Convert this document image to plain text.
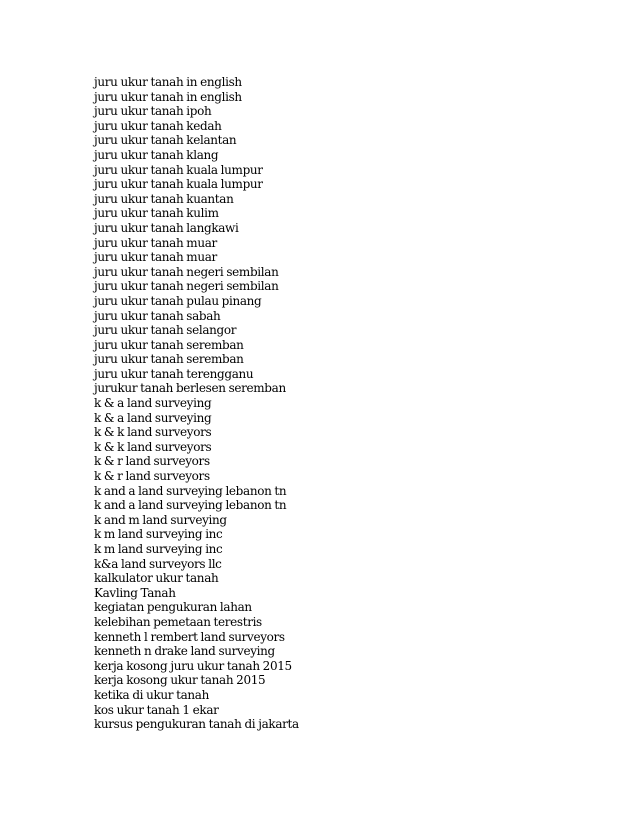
juru ukur tanah in english
juru ukur tanah in english
juru ukur tanah ipoh
juru ukur tanah kedah
juru ukur tanah kelantan
juru ukur tanah klang
juru ukur tanah kuala lumpur
juru ukur tanah kuala lumpur
juru ukur tanah kuantan
juru ukur tanah kulim
juru ukur tanah langkawi
juru ukur tanah muar
juru ukur tanah muar
juru ukur tanah negeri sembilan
juru ukur tanah negeri sembilan
juru ukur tanah pulau pinang
juru ukur tanah sabah
juru ukur tanah selangor
juru ukur tanah seremban
juru ukur tanah seremban
juru ukur tanah terengganu
jurukur tanah berlesen seremban
k & a land surveying
k & a land surveying
k & k land surveyors
k & k land surveyors
k & r land surveyors
k & r land surveyors
k and a land surveying lebanon tn
k and a land surveying lebanon tn
k and m land surveying
k m land surveying inc
k m land surveying inc
k&a land surveyors llc
kalkulator ukur tanah
Kavling Tanah
kegiatan pengukuran lahan
kelebihan pemetaan terestris
kenneth l rembert land surveyors
kenneth n drake land surveying
kerja kosong juru ukur tanah 2015
kerja kosong ukur tanah 2015
ketika di ukur tanah
kos ukur tanah 1 ekar
kursus pengukuran tanah di jakarta
